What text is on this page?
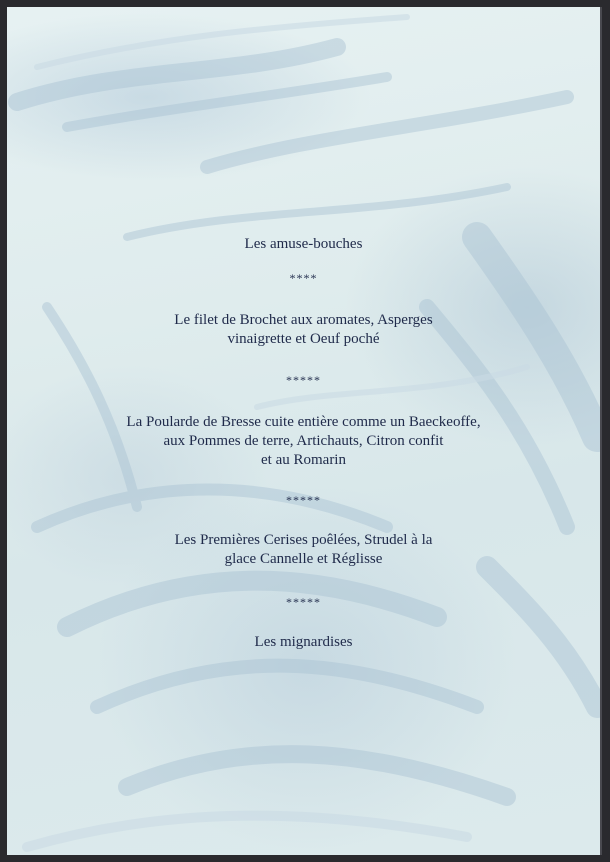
Les amuse-bouches

****

Le filet de Brochet aux aromates, Asperges

vinaigrette et Oeuf poché

*****

La Poularde de Bresse cuite entière comme un Baeckeoffe,

aux Pommes de terre, Artichauts, Citron confit

et au Romarin

*****

Les Premières Cerises poêlées, Strudel à la

glace Cannelle et Réglisse

*****

Les mignardises
